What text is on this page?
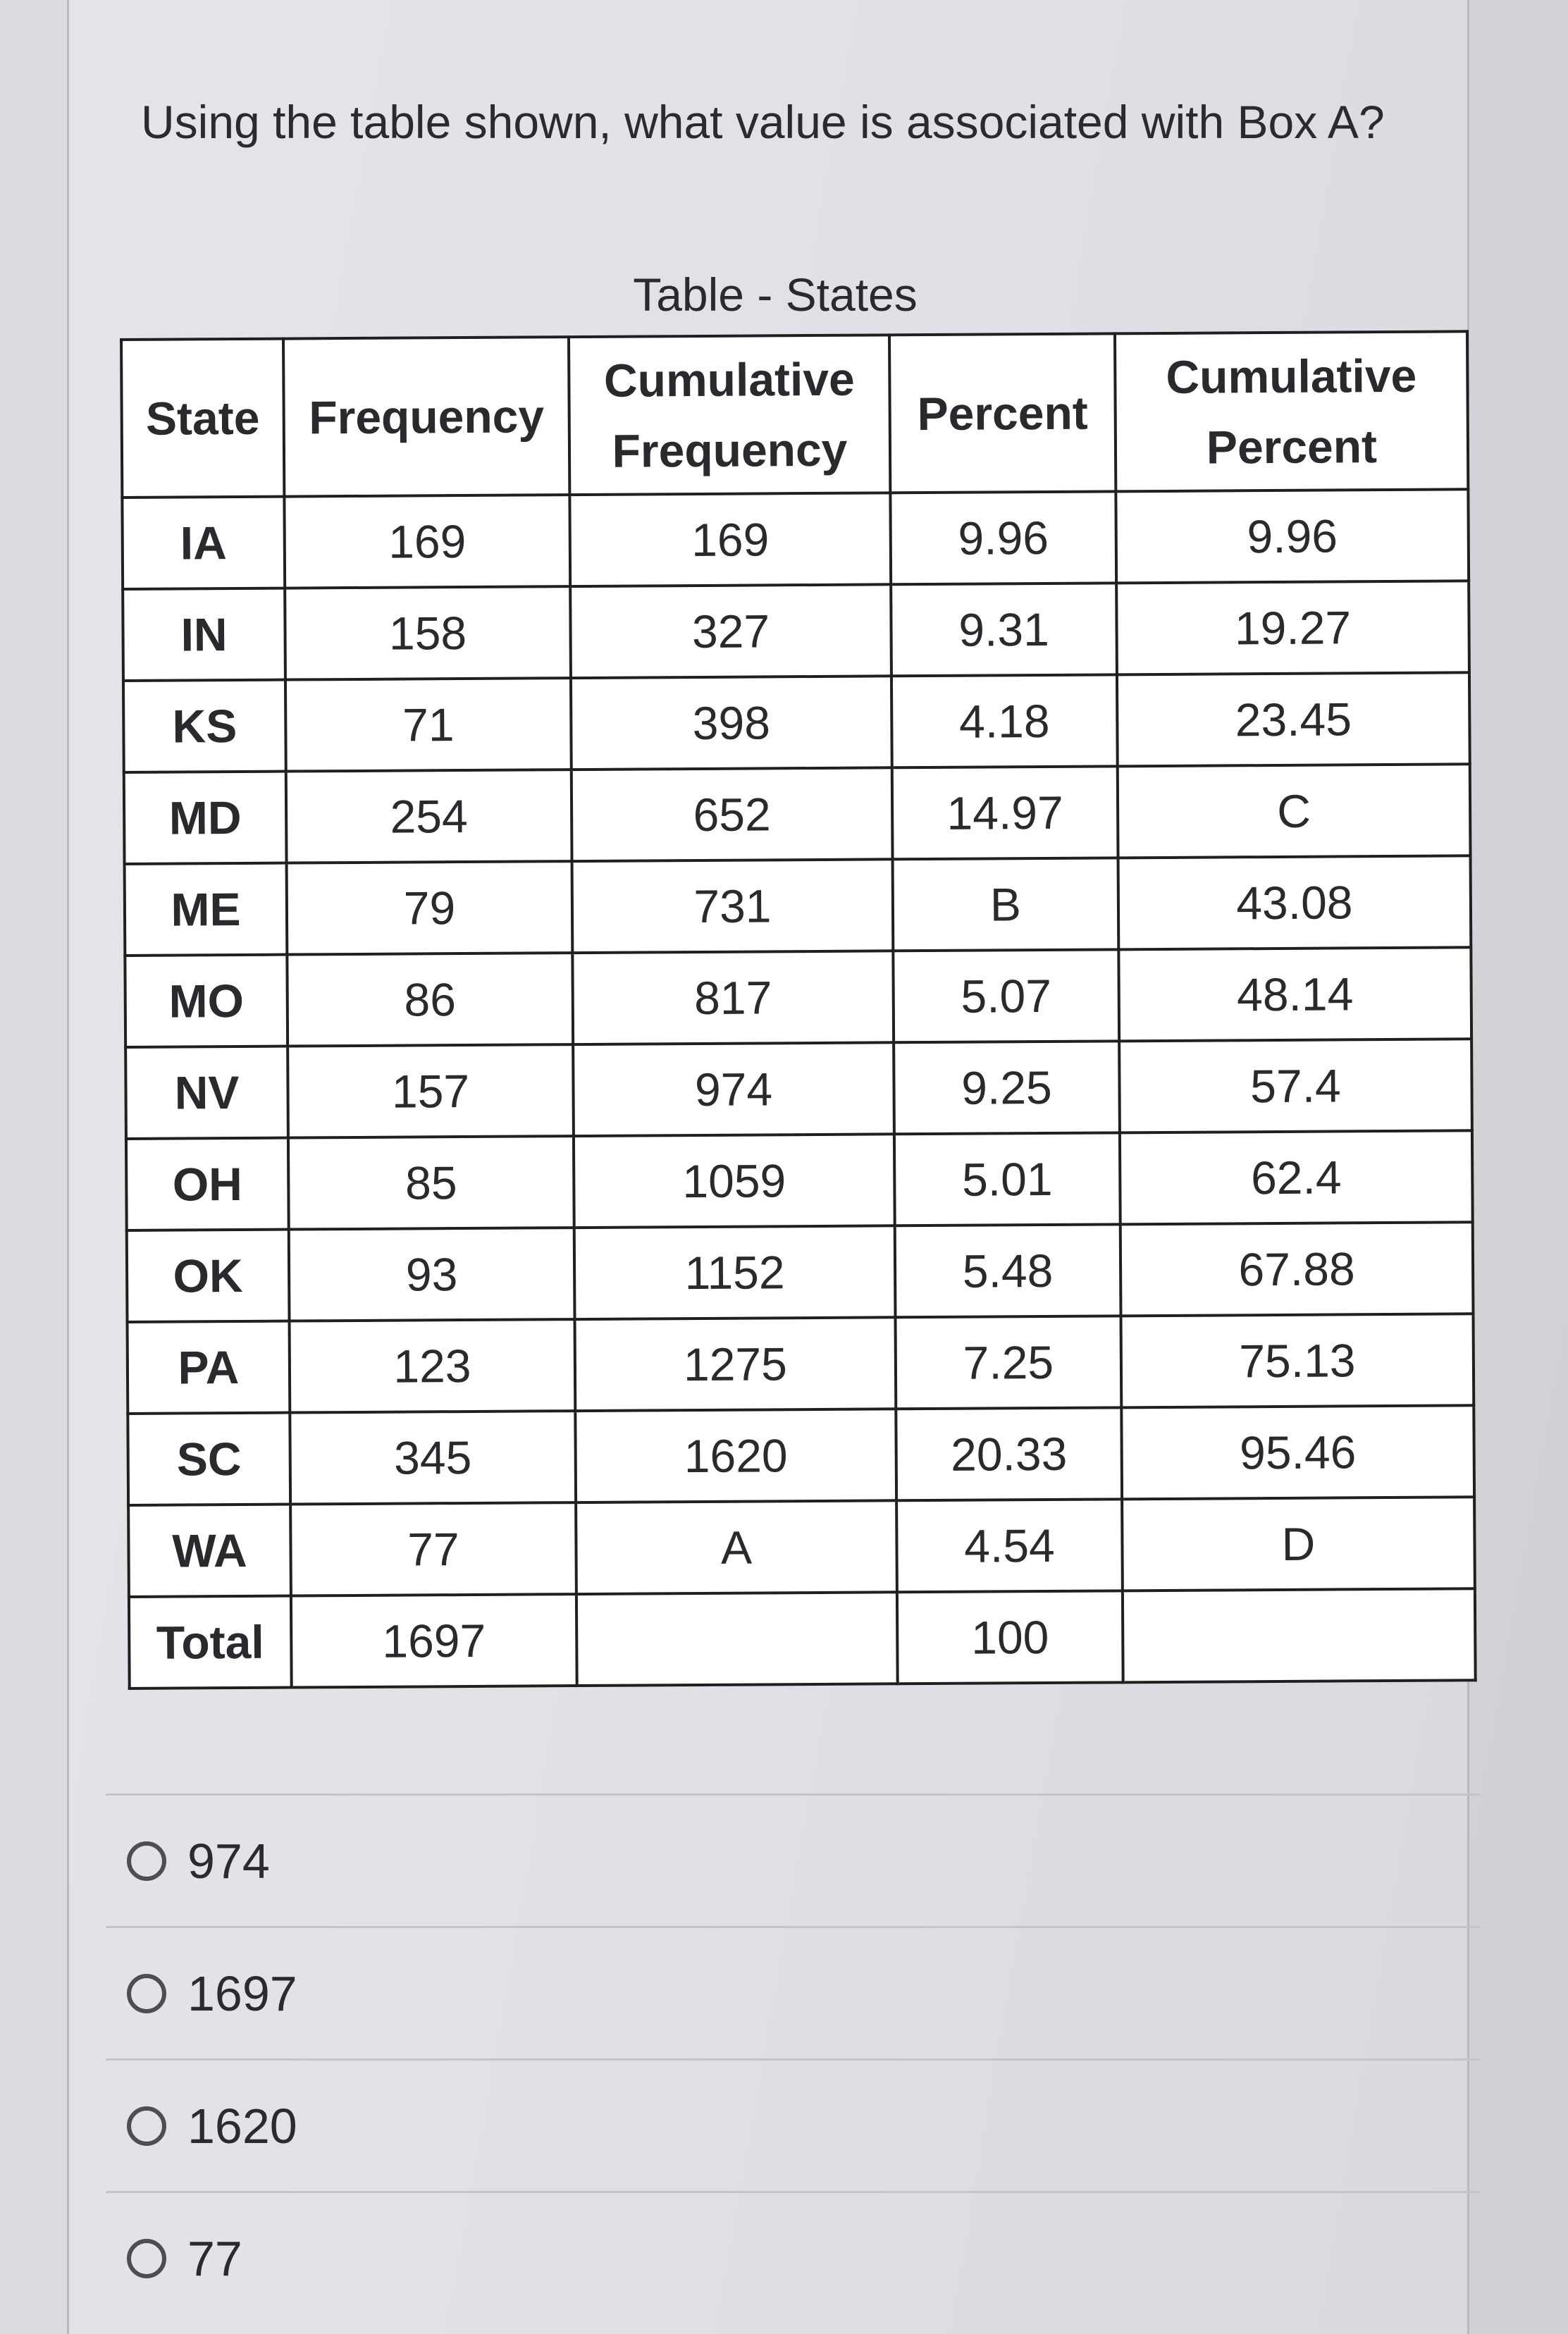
Using the table shown, what value is associated with Box A?

Table - States
State	Frequency	Cumulative Frequency	Percent	Cumulative Percent
IA	169	169	9.96	9.96
IN	158	327	9.31	19.27
KS	71	398	4.18	23.45
MD	254	652	14.97	C
ME	79	731	B	43.08
MO	86	817	5.07	48.14
NV	157	974	9.25	57.4
OH	85	1059	5.01	62.4
OK	93	1152	5.48	67.88
PA	123	1275	7.25	75.13
SC	345	1620	20.33	95.46
WA	77	A	4.54	D
Total	1697		100	
974
1697
1620
77
